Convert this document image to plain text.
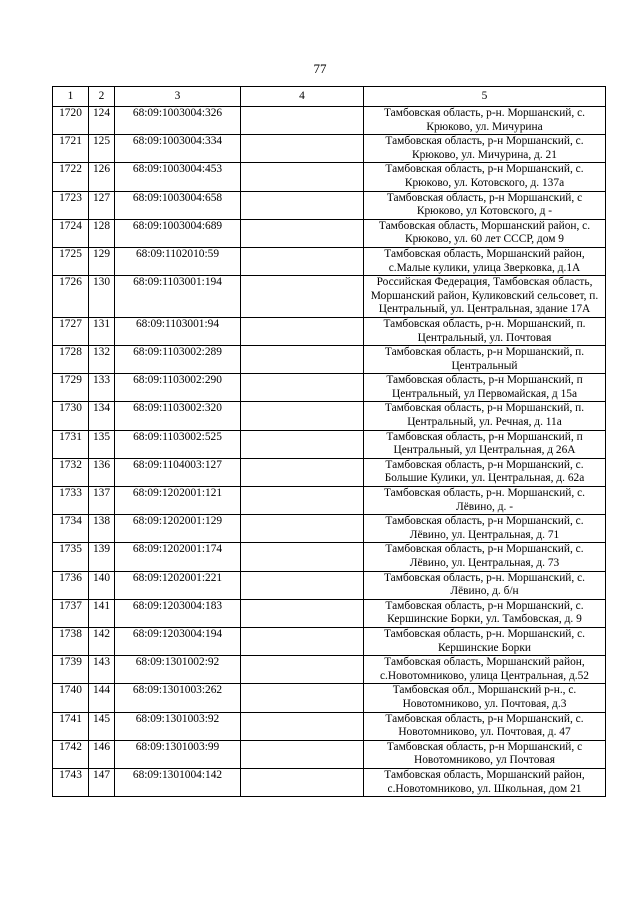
77
1	2	3	4	5
1720	124	68:09:1003004:326		Тамбовская область, р-н. Моршанский, с. Крюково, ул. Мичурина
1721	125	68:09:1003004:334		Тамбовская область, р-н Моршанский, с. Крюково, ул. Мичурина, д. 21
1722	126	68:09:1003004:453		Тамбовская область, р-н Моршанский, с. Крюково, ул. Котовского, д. 137а
1723	127	68:09:1003004:658		Тамбовская область, р-н Моршанский, с Крюково, ул Котовского, д -
1724	128	68:09:1003004:689		Тамбовская область, Моршанский район, с. Крюково, ул. 60 лет СССР, дом 9
1725	129	68:09:1102010:59		Тамбовская область, Моршанский район, с.Малые кулики, улица Зверковка, д.1А
1726	130	68:09:1103001:194		Российская Федерация, Тамбовская область, Моршанский район, Куликовский сельсовет, п. Центральный, ул. Центральная, здание 17А
1727	131	68:09:1103001:94		Тамбовская область, р-н. Моршанский, п. Центральный, ул. Почтовая
1728	132	68:09:1103002:289		Тамбовская область, р-н Моршанский, п. Центральный
1729	133	68:09:1103002:290		Тамбовская область, р-н Моршанский, п Центральный, ул Первомайская, д 15а
1730	134	68:09:1103002:320		Тамбовская область, р-н Моршанский, п. Центральный, ул. Речная, д. 11а
1731	135	68:09:1103002:525		Тамбовская область, р-н Моршанский, п Центральный, ул Центральная, д 26А
1732	136	68:09:1104003:127		Тамбовская область, р-н Моршанский, с. Большие Кулики, ул. Центральная, д. 62а
1733	137	68:09:1202001:121		Тамбовская область, р-н. Моршанский, с. Лёвино, д. -
1734	138	68:09:1202001:129		Тамбовская область, р-н Моршанский, с. Лёвино, ул. Центральная, д. 71
1735	139	68:09:1202001:174		Тамбовская область, р-н Моршанский, с. Лёвино, ул. Центральная, д. 73
1736	140	68:09:1202001:221		Тамбовская область, р-н. Моршанский, с. Лёвино, д. б/н
1737	141	68:09:1203004:183		Тамбовская область, р-н Моршанский, с. Кершинские Борки, ул. Тамбовская, д. 9
1738	142	68:09:1203004:194		Тамбовская область, р-н. Моршанский, с. Кершинские Борки
1739	143	68:09:1301002:92		Тамбовская область, Моршанский район, с.Новотомниково, улица Центральная, д.52
1740	144	68:09:1301003:262		Тамбовская обл., Моршанский р-н., с. Новотомниково, ул. Почтовая, д.3
1741	145	68:09:1301003:92		Тамбовская область, р-н Моршанский, с. Новотомниково, ул. Почтовая, д. 47
1742	146	68:09:1301003:99		Тамбовская область, р-н Моршанский, с Новотомниково, ул Почтовая
1743	147	68:09:1301004:142		Тамбовская область, Моршанский район, с.Новотомниково, ул. Школьная, дом 21
